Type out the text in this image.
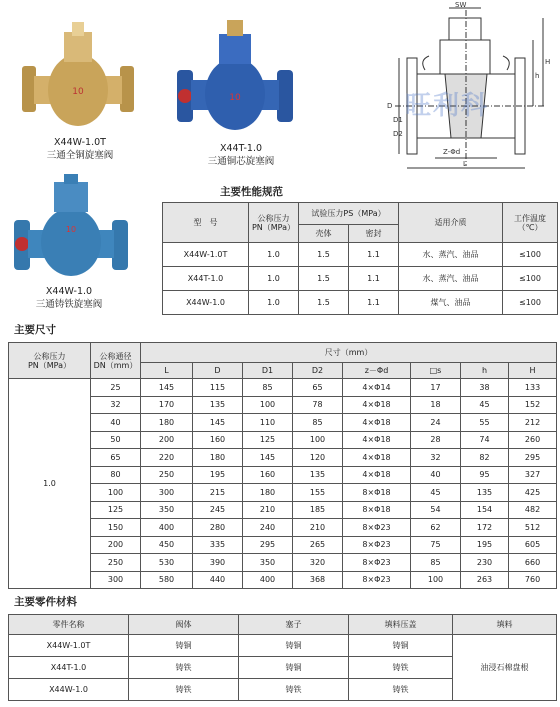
10
X44W-1.0T
三通全铜旋塞阀
10
X44T-1.0
三通铜芯旋塞阀
10
X44W-1.0
三通铸铁旋塞阀
SW
D
D1
D2
Z-Φd
L
h
H
旺利科
主要性能规范
型　号	公称压力
PN（MPa）	试验压力PS（MPa）		适用介质	工作温度
（℃）
		壳体	密封		
X44W-1.0T	1.0	1.5	1.1	水、蒸汽、油品	≤100
X44T-1.0	1.0	1.5	1.1	水、蒸汽、油品	≤100
X44W-1.0	1.0	1.5	1.1	煤气、油品	≤100
主要尺寸
公称压力
PN（MPa）	公称通径
DN（mm）	尺寸（mm）							
		L	D	D1	D2	z－Φd	□s	h	H
1.0	25	145	115	85	65	4×Φ14	17	38	133
	32	170	135	100	78	4×Φ18	18	45	152
	40	180	145	110	85	4×Φ18	24	55	212
	50	200	160	125	100	4×Φ18	28	74	260
	65	220	180	145	120	4×Φ18	32	82	295
	80	250	195	160	135	4×Φ18	40	95	327
	100	300	215	180	155	8×Φ18	45	135	425
	125	350	245	210	185	8×Φ18	54	154	482
	150	400	280	240	210	8×Φ23	62	172	512
	200	450	335	295	265	8×Φ23	75	195	605
	250	530	390	350	320	8×Φ23	85	230	660
	300	580	440	400	368	8×Φ23	100	263	760
主要零件材料
零件名称	阀体	塞子	填料压盖	填料
X44W-1.0T	铸铜	铸铜	铸铜	油浸石棉盘根
X44T-1.0	铸铁	铸铜	铸铁	
X44W-1.0	铸铁	铸铁	铸铁	
